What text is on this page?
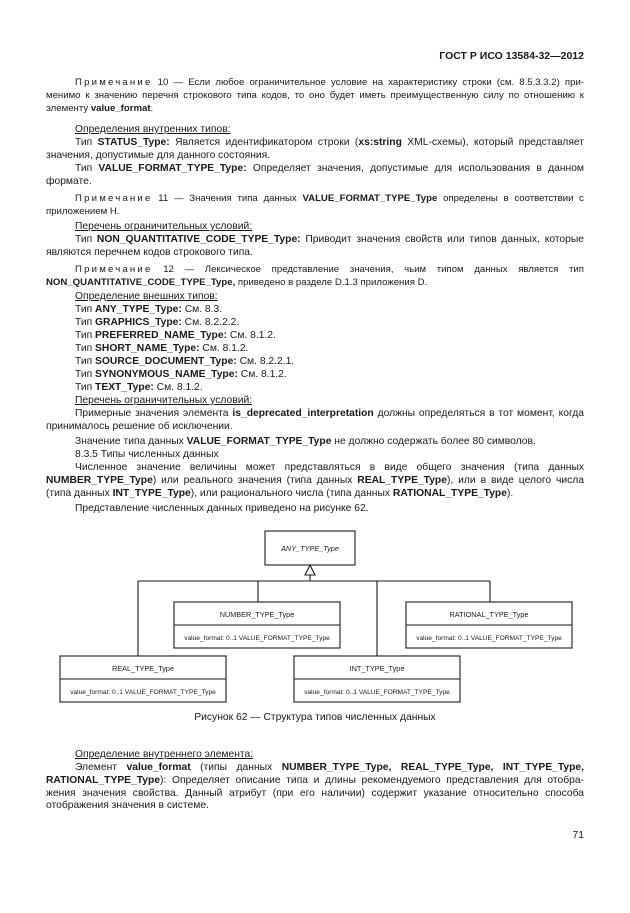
ГОСТ Р ИСО 13584-32—2012
Примечание 10 — Если любое ограничительное условие на характеристику строки (см. 8.5.3.3.2) при-менимо к значению перечня строкового типа кодов, то оно будет иметь преимущественную силу по отношению к элементу value_format.
Определения внутренних типов:
Тип STATUS_Type: Является идентификатором строки (xs:string XML-схемы), который представляет значения, допустимые для данного состояния.
Тип VALUE_FORMAT_TYPE_Type: Определяет значения, допустимые для использования в данном формате.
Примечание 11 — Значения типа данных VALUE_FORMAT_TYPE_Type определены в соответствии с приложением Н.
Перечень ограничительных условий:
Тип NON_QUANTITATIVE_CODE_TYPE_Type: Приводит значения свойств или типов данных, которые являются перечнем кодов строкового типа.
Примечание 12 — Лексическое представление значения, чьим типом данных является тип NON_QUANTITATIVE_CODE_TYPE_Type, приведено в разделе D.1.3 приложения D.
Определение внешних типов:
Тип ANY_TYPE_Type: См. 8.3.
Тип GRAPHICS_Type: См. 8.2.2.2.
Тип PREFERRED_NAME_Type: См. 8.1.2.
Тип SHORT_NAME_Type: См. 8.1.2.
Тип SOURCE_DOCUMENT_Type: См. 8.2.2.1.
Тип SYNONYMOUS_NAME_Type: См. 8.1.2.
Тип TEXT_Type: См. 8.1.2.
Перечень ограничительных условий:
Примерные значения элемента is_deprecated_interpretation должны определяться в тот момент, когда принималось решение об исключении.
Значение типа данных VALUE_FORMAT_TYPE_Type не должно содержать более 80 символов.
8.3.5 Типы численных данных
Численное значение величины может представляться в виде общего значения (типа данных NUMBER_TYPE_Type) или реального значения (типа данных REAL_TYPE_Type), или в виде целого числа (типа данных INT_TYPE_Type), или рационального числа (типа данных RATIONAL_TYPE_Type).
Представление численных данных приведено на рисунке 62.
ANY_TYPE_Type
NUMBER_TYPE_Type
value_format: 0..1 VALUE_FORMAT_TYPE_Type
RATIONAL_TYPE_Type
value_format: 0..1 VALUE_FORMAT_TYPE_Type
REAL_TYPE_Type
value_format: 0..1 VALUE_FORMAT_TYPE_Type
INT_TYPE_Type
value_format: 0..1 VALUE_FORMAT_TYPE_Type
Рисунок 62 — Структура типов численных данных
Определение внутреннего элемента:
Элемент value_format (типы данных NUMBER_TYPE_Type, REAL_TYPE_Type, INT_TYPE_Type, RATIONAL_TYPE_Type): Определяет описание типа и длины рекомендуемого представления для отобра-жения значения свойства. Данный атрибут (при его наличии) содержит указание относительно способа отображения значения в системе.
71
